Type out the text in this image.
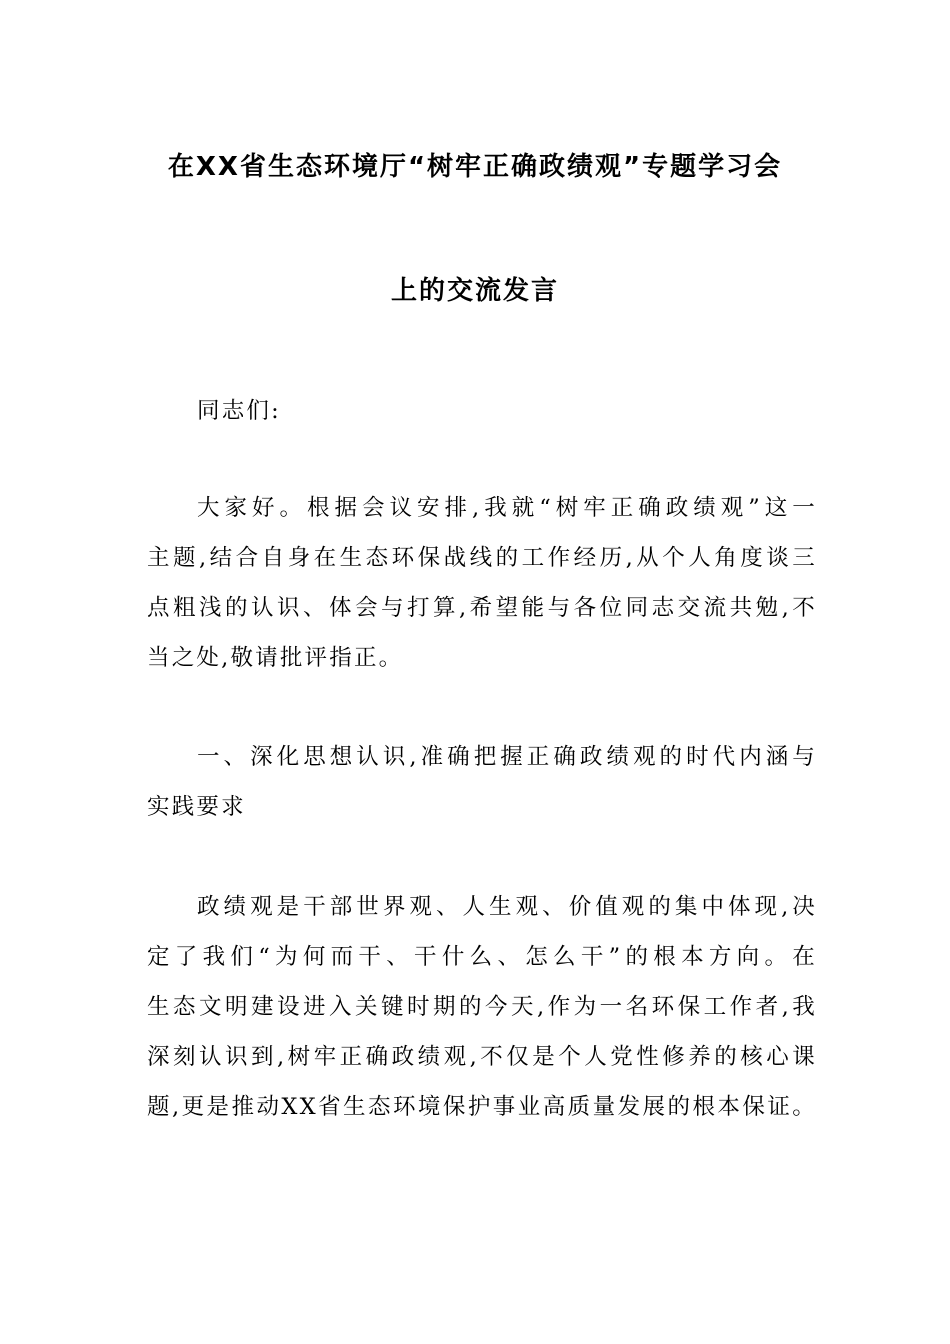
在XX省生态环境厅“树牢正确政绩观”专题学习会
上的交流发言
同志们:
大家好。根据会议安排,我就“树牢正确政绩观”这一
主题,结合自身在生态环保战线的工作经历,从个人角度谈三
点粗浅的认识、体会与打算,希望能与各位同志交流共勉,不
当之处,敬请批评指正。
一、深化思想认识,准确把握正确政绩观的时代内涵与
实践要求
政绩观是干部世界观、人生观、价值观的集中体现,决
定了我们“为何而干、干什么、怎么干”的根本方向。在
生态文明建设进入关键时期的今天,作为一名环保工作者,我
深刻认识到,树牢正确政绩观,不仅是个人党性修养的核心课
题,更是推动XX省生态环境保护事业高质量发展的根本保证。
